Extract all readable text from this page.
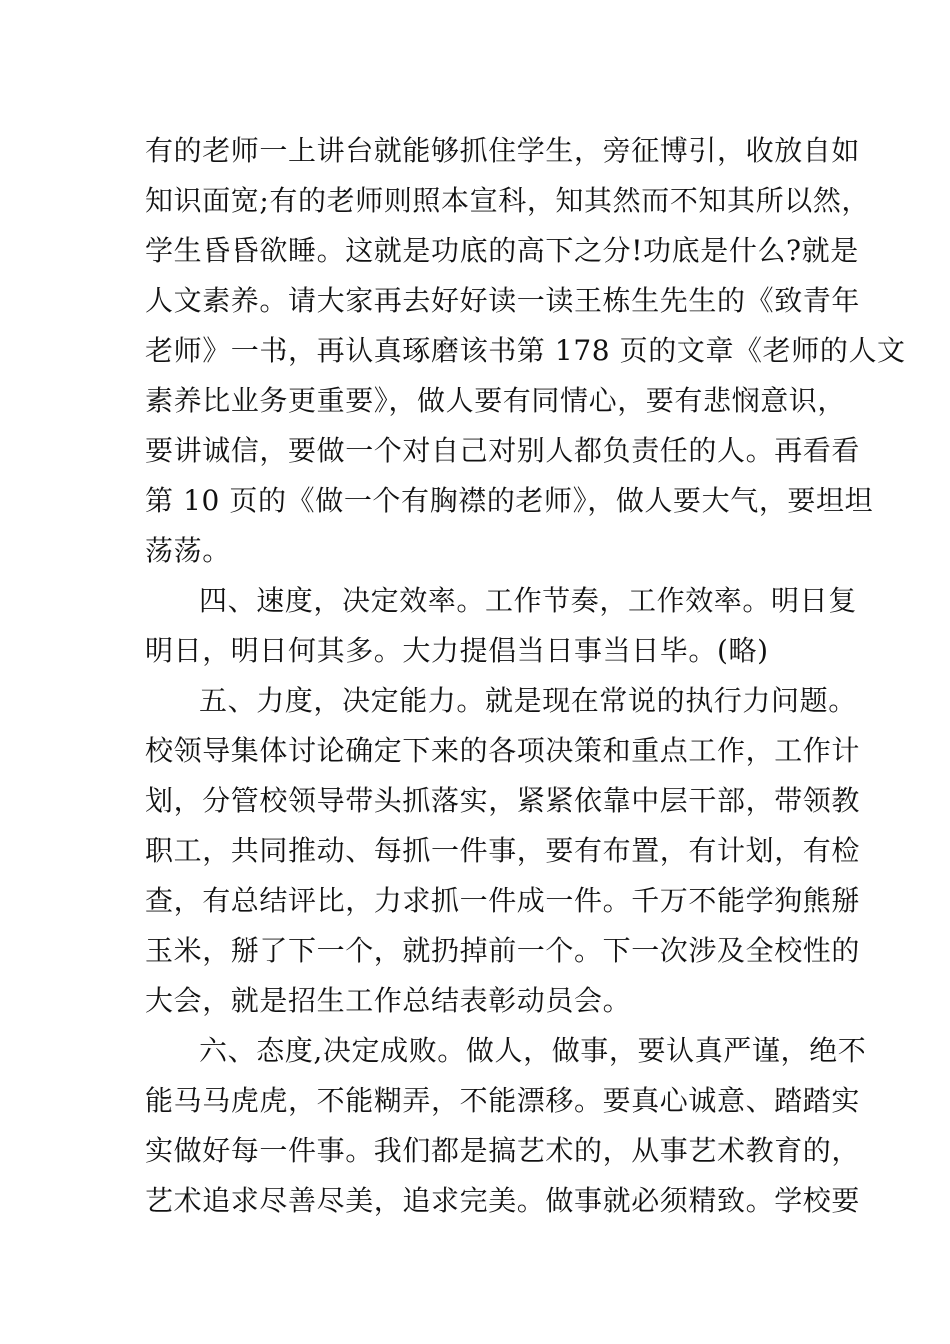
有的老师一上讲台就能够抓住学生，旁征博引，收放自如
知识面宽;有的老师则照本宣科，知其然而不知其所以然，
学生昏昏欲睡。这就是功底的高下之分!功底是什么?就是
人文素养。请大家再去好好读一读王栋生先生的《致青年
老师》一书，再认真琢磨该书第 178 页的文章《老师的人文
素养比业务更重要》，做人要有同情心，要有悲悯意识，
要讲诚信，要做一个对自己对别人都负责任的人。再看看
第 10 页的《做一个有胸襟的老师》，做人要大气，要坦坦
荡荡。
四、速度，决定效率。工作节奏，工作效率。明日复
明日，明日何其多。大力提倡当日事当日毕。(略)
五、力度，决定能力。就是现在常说的执行力问题。
校领导集体讨论确定下来的各项决策和重点工作，工作计
划，分管校领导带头抓落实，紧紧依靠中层干部，带领教
职工，共同推动、每抓一件事，要有布置，有计划，有检
查，有总结评比，力求抓一件成一件。千万不能学狗熊掰
玉米，掰了下一个，就扔掉前一个。下一次涉及全校性的
大会，就是招生工作总结表彰动员会。
六、态度,决定成败。做人，做事，要认真严谨，绝不
能马马虎虎，不能糊弄，不能漂移。要真心诚意、踏踏实
实做好每一件事。我们都是搞艺术的，从事艺术教育的，
艺术追求尽善尽美，追求完美。做事就必须精致。学校要
